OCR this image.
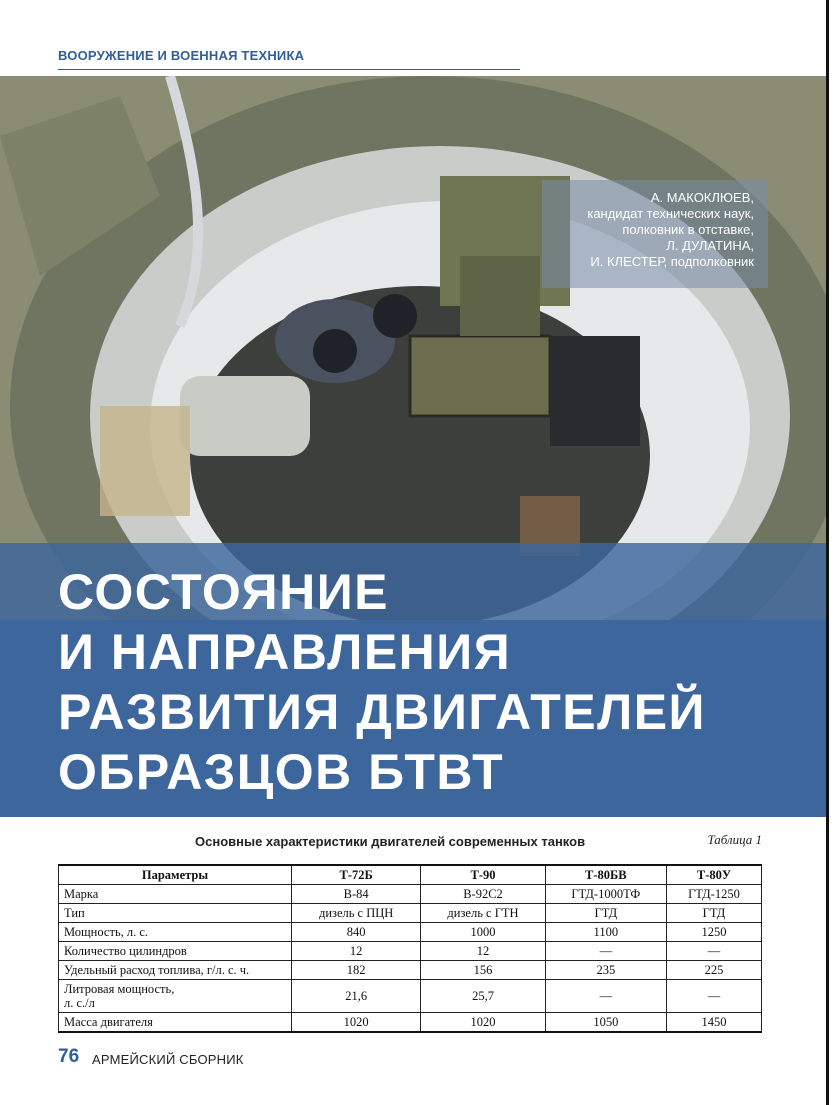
ВООРУЖЕНИЕ И ВОЕННАЯ ТЕХНИКА
А. МАКОКЛЮЕВ,
кандидат технических наук,
полковник в отставке,
Л. ДУЛАТИНА,
И. КЛЕСТЕР, подполковник
СОСТОЯНИЕ
И НАПРАВЛЕНИЯ
РАЗВИТИЯ ДВИГАТЕЛЕЙ
ОБРАЗЦОВ БТВТ
Основные характеристики двигателей современных танков	Таблица 1
Параметры	Т-72Б	Т-90	Т-80БВ	Т-80У
Марка	В-84	В-92С2	ГТД-1000ТФ	ГТД-1250
Тип	дизель с ПЦН	дизель с ГТН	ГТД	ГТД
Мощность, л. с.	840	1000	1100	1250
Количество цилиндров	12	12	—	—
Удельный расход топлива, г/л. с. ч.	182	156	235	225
Литровая мощность,
л. с./л	21,6	25,7	—	—
Масса двигателя	1020	1020	1050	1450
76 АРМЕЙСКИЙ СБОРНИК
